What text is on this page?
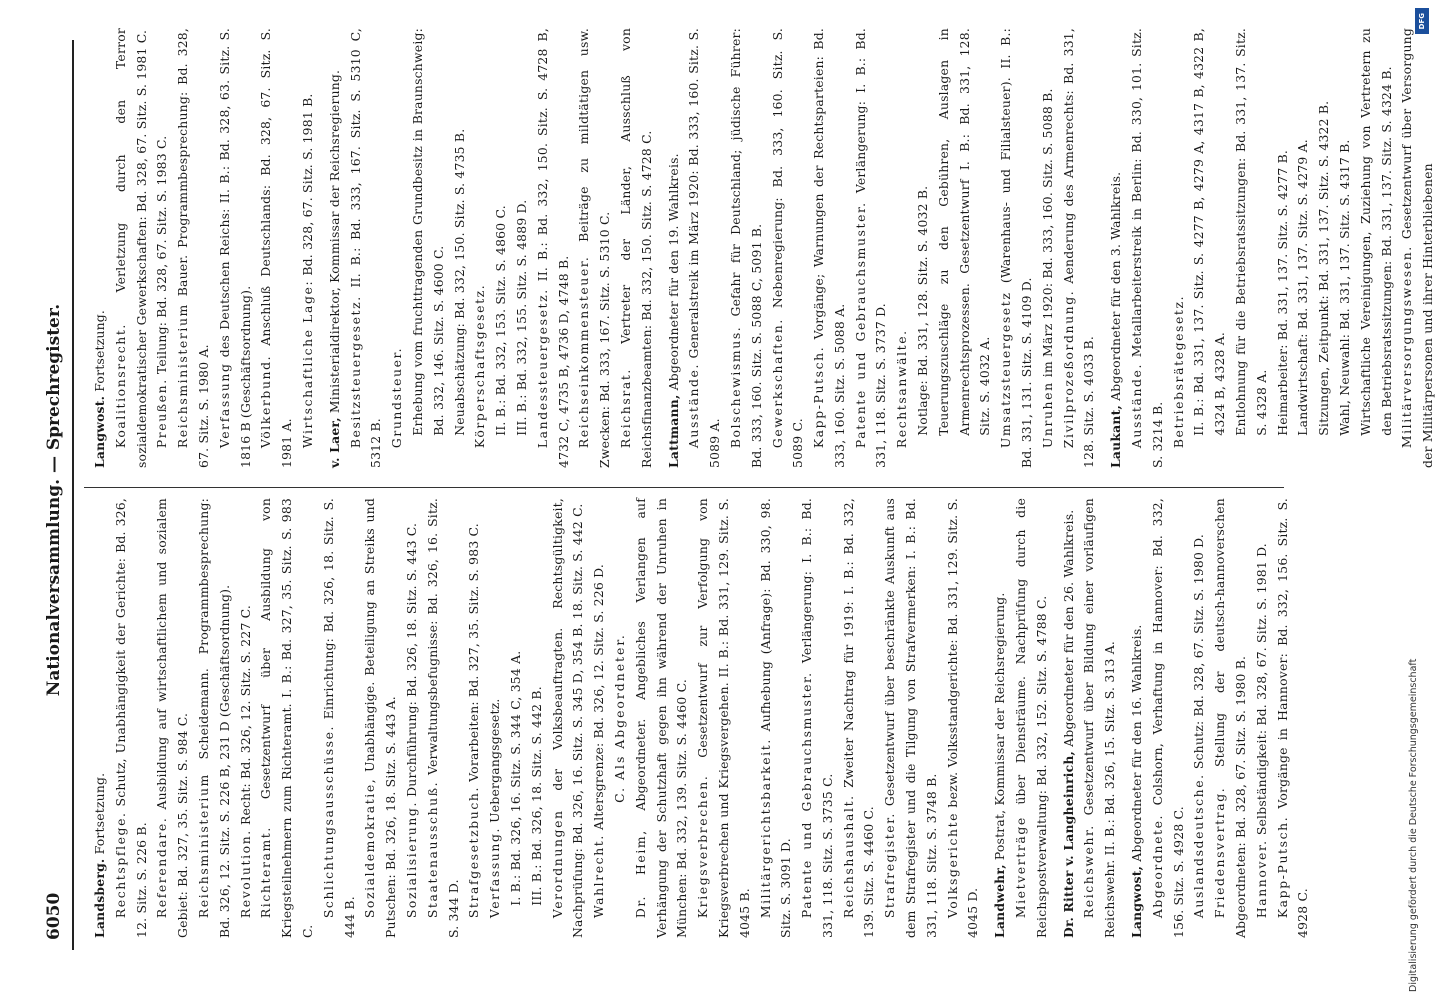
6050
Nationalversammlung. — Sprechregister.
Landsberg. Fortsetzung. Rechtspflege. Schutz, Unabhängigkeit der Gerichte: Bd. 326, 12. Sitz. S. 226 B. Referendare. Ausbildung auf wirtschaftlichem und sozialem Gebiet: Bd. 327, 35. Sitz. S. 984 C. Reichsministerium Scheidemann. Programmbesprechung: Bd. 326, 12. Sitz. S. 226 B, 231 D (Geschäftsordnung). Revolution. Recht: Bd. 326, 12. Sitz. S. 227 C.
Richteramt. Gesetzentwurf über Ausbildung von Kriegsteilnehmern zum Richteramt. I. B.: Bd. 327, 35. Sitz. S. 983 C.
Schlichtungsausschüsse. Einrichtung: Bd. 326, 18. Sitz. S. 444 B. Sozialdemokratie, Unabhängige. Beteiligung an Streiks und Putschen: Bd. 326, 18. Sitz. S. 443 A. Sozialisierung. Durchführung: Bd. 326, 18. Sitz. S. 443 C.
Staatenausschuß. Verwaltungsbefugnisse: Bd. 326, 16. Sitz. S. 344 D. Strafgesetzbuch. Vorarbeiten: Bd. 327, 35. Sitz. S. 983 C.
Verfassung. Uebergangsgesetz. I. B.: Bd. 326, 16. Sitz. S. 344 C, 354 A. III. B.: Bd. 326, 18. Sitz. S. 442 B. Verordnungen der Volksbeauftragten. Rechtsgültigkeit, Nachprüfung: Bd. 326, 16. Sitz. S. 345 D, 354 B. 18. Sitz. S. 442 C. Wahlrecht. Altersgrenze: Bd. 326, 12. Sitz. S. 226 D. C. Als Abgeordneter.
Dr. Heim, Abgeordneter. Angebliches Verlangen auf Verhängung der Schutzhaft gegen ihn während der Unruhen in München: Bd. 332, 139. Sitz. S. 4460 C. Kriegsverbrechen. Gesetzentwurf zur Verfolgung von Kriegsverbrechen und Kriegsvergehen. II. B.: Bd. 331, 129. Sitz. S. 4045 B. Militärgerichtsbarkeit. Aufhebung (Anfrage): Bd. 330, 98. Sitz. S. 3091 D. Patente und Gebrauchsmuster. Verlängerung: I. B.: Bd. 331, 118. Sitz. S. 3735 C. Reichshaushalt. Zweiter Nachtrag für 1919: I. B.: Bd. 332, 139. Sitz. S. 4460 C. Strafregister. Gesetzentwurf über beschränkte Auskunft aus dem Strafregister und die Tilgung von Strafvermerken: I. B.: Bd. 331, 118. Sitz. S. 3748 B. Volksgerichte bezw. Volksstandgerichte: Bd. 331, 129. Sitz. S. 4045 D. Landwehr, Postrat, Kommissar der Reichsregierung.
Mietverträge über Diensträume. Nachprüfung durch die Reichspostverwaltung: Bd. 332, 152. Sitz. S. 4788 C. Dr. Ritter v. Langheinrich, Abgeordneter für den 26. Wahlkreis.
Reichswehr. Gesetzentwurf über Bildung einer vorläufigen Reichswehr. II. B.: Bd. 326, 15. Sitz. S. 313 A. Langwost, Abgeordneter für den 16. Wahlkreis.
Abgeordnete. Colshorn, Verhaftung in Hannover: Bd. 332, 156. Sitz. S. 4928 C. Auslandsdeutsche. Schutz: Bd. 328, 67. Sitz. S. 1980 D.
Friedensvertrag. Stellung der deutsch-hannoverschen Abgeordneten: Bd. 328, 67. Sitz. S. 1980 B. Hannover. Selbständigkeit: Bd. 328, 67. Sitz. S. 1981 D.
Kapp-Putsch. Vorgänge in Hannover: Bd. 332, 156. Sitz. S. 4928 C.
Langwost. Fortsetzung. Koalitionsrecht. Verletzung durch den Terror sozialdemokratischer Gewerkschaften: Bd. 328, 67. Sitz. S. 1981 C. Preußen. Teilung: Bd. 328, 67. Sitz. S. 1983 C. Reichsministerium Bauer. Programmbesprechung: Bd. 328, 67. Sitz. S. 1980 A. Verfassung des Deutschen Reichs: II. B.: Bd. 328, 63. Sitz. S. 1816 B (Geschäftsordnung). Völkerbund. Anschluß Deutschlands: Bd. 328, 67. Sitz. S. 1981 A. Wirtschaftliche Lage: Bd. 328, 67. Sitz. S. 1981 B.
v. Laer, Ministerialdirektor, Kommissar der Reichsregierung. Besitzsteuergesetz. II. B.: Bd. 333, 167. Sitz. S. 5310 C, 5312 B. Grundsteuer. Erhebung vom fruchttragenden Grundbesitz in Braunschweig: Bd. 332, 146. Sitz. S. 4600 C. Neuabschätzung: Bd. 332, 150. Sitz. S. 4735 B. Körperschaftsgesetz. II. B.: Bd. 332, 153. Sitz. S. 4860 C. III. B.: Bd. 332, 155. Sitz. S. 4889 D. Landessteuergesetz. II. B.: Bd. 332, 150. Sitz. S. 4728 B, 4732 C, 4735 B, 4736 D, 4748 B. Reichseinkommensteuer. Beiträge zu mildtätigen usw. Zwecken: Bd. 333, 167. Sitz. S. 5310 C. Reichsrat. Vertreter der Länder, Ausschluß von Reichsfinanzbeamten: Bd. 332, 150. Sitz. S. 4728 C. Lattmann, Abgeordneter für den 19. Wahlkreis.
Ausstände. Generalstreik im März 1920: Bd. 333, 160. Sitz. S. 5089 A. Bolschewismus. Gefahr für Deutschland; jüdische Führer: Bd. 333, 160. Sitz. S. 5088 C, 5091 B. Gewerkschaften. Nebenregierung: Bd. 333, 160. Sitz. S. 5089 C. Kapp-Putsch. Vorgänge; Warnungen der Rechtsparteien: Bd. 333, 160. Sitz. S. 5088 A. Patente und Gebrauchsmuster. Verlängerung: I. B.: Bd. 331, 118. Sitz. S. 3737 D. Rechtsanwälte. Notlage: Bd. 331, 128. Sitz. S. 4032 B. Teuerungszuschläge zu den Gebühren, Auslagen in Armenrechtsprozessen. Gesetzentwurf I. B.: Bd. 331, 128. Sitz. S. 4032 A. Umsatzsteuergesetz (Warenhaus- und Filialsteuer). II. B.: Bd. 331, 131. Sitz. S. 4109 D. Unruhen im März 1920: Bd. 333, 160. Sitz. S. 5088 B. Zivilprozeßordnung. Aenderung des Armenrechts: Bd. 331, 128. Sitz. S. 4033 B. Laukant, Abgeordneter für den 3. Wahlkreis.
Ausstände. Metallarbeiterstreik in Berlin: Bd. 330, 101. Sitz. S. 3214 B. Betriebsrätegesetz. II. B.: Bd. 331, 137. Sitz. S. 4277 B, 4279 A, 4317 B, 4322 B, 4324 B, 4328 A. Entlohnung für die Betriebsratssitzungen: Bd. 331, 137. Sitz. S. 4328 A. Heimarbeiter: Bd. 331, 137. Sitz. S. 4277 B. Landwirtschaft: Bd. 331, 137. Sitz. S. 4279 A. Sitzungen, Zeitpunkt: Bd. 331, 137. Sitz. S. 4322 B. Wahl, Neuwahl: Bd. 331, 137. Sitz. S. 4317 B. Wirtschaftliche Vereinigungen, Zuziehung von Vertretern zu den Betriebsratssitzungen: Bd. 331, 137. Sitz. S. 4324 B. Militärversorgungswesen. Gesetzentwurf über Versorgung der Militärpersonen und ihrer Hinterbliebenen
Digitalisierung gefördert durch die Deutsche Forschungsgemeinschaft
DFG
